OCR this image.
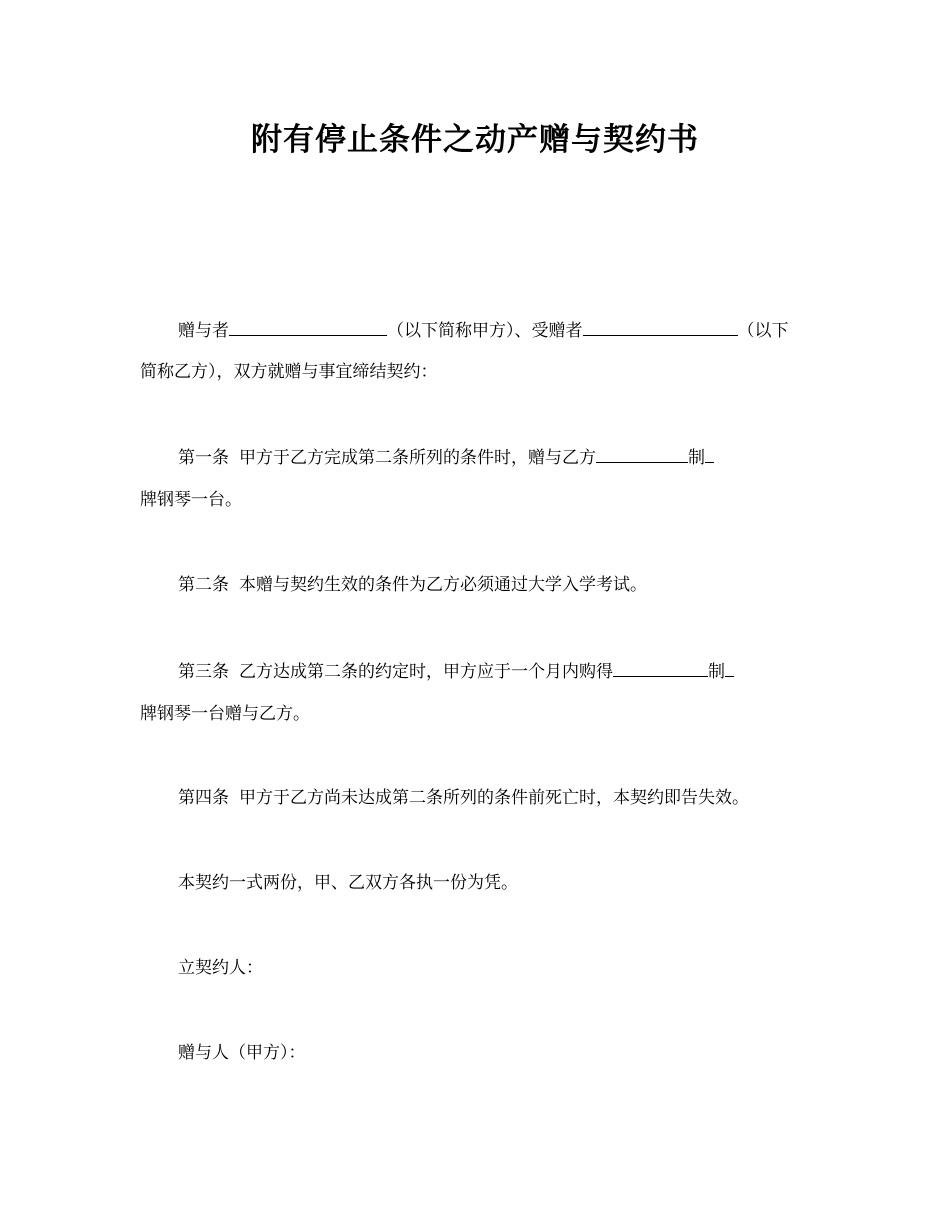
附有停止条件之动产赠与契约书
赠与者	（以下简称甲方）、受赠者	（以下
简称乙方），双方就赠与事宜缔结契约：
第一条 甲方于乙方完成第二条所列的条件时，赠与乙方	制
牌钢琴一台。
第二条 本赠与契约生效的条件为乙方必须通过大学入学考试。
第三条 乙方达成第二条的约定时，甲方应于一个月内购得	制
牌钢琴一台赠与乙方。
第四条 甲方于乙方尚未达成第二条所列的条件前死亡时，本契约即告失效。
本契约一式两份，甲、乙双方各执一份为凭。
立契约人：
赠与人（甲方）：
